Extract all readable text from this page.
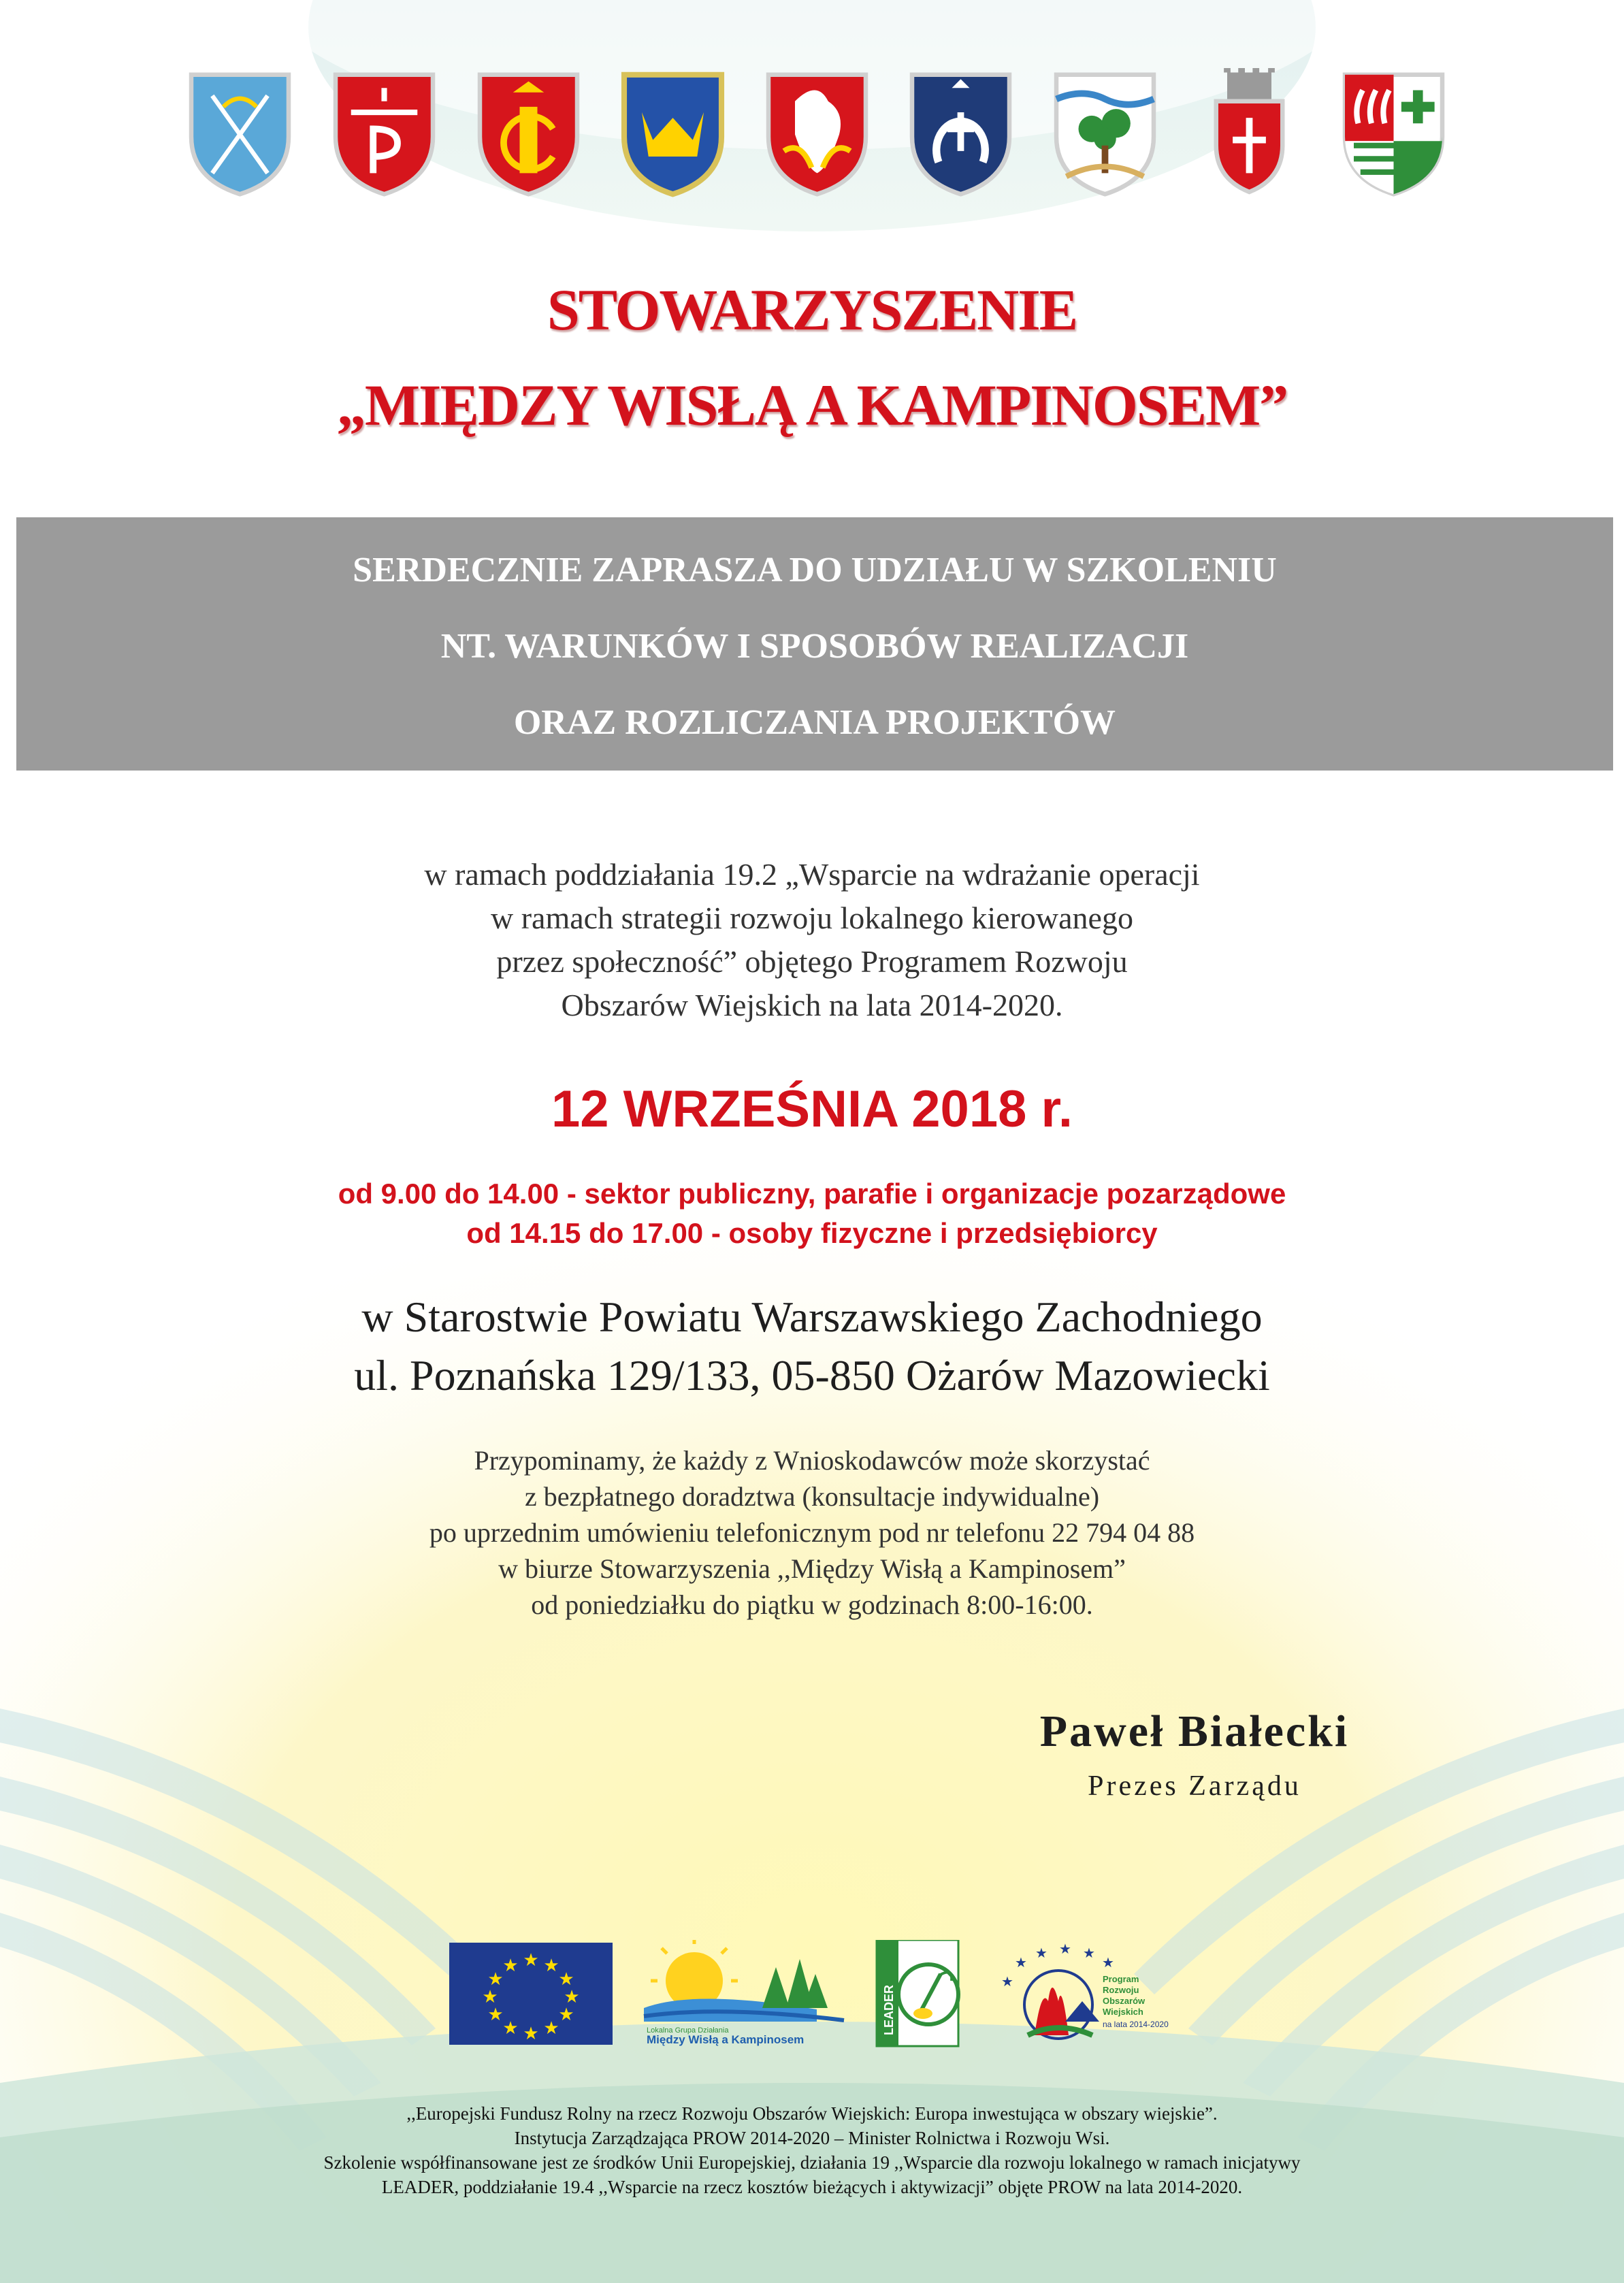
STOWARZYSZENIE
„MIĘDZY WISŁĄ A KAMPINOSEM”

SERDECZNIE ZAPRASZA DO UDZIAŁU W SZKOLENIU

NT. WARUNKÓW I SPOSOBÓW REALIZACJI

ORAZ ROZLICZANIA PROJEKTÓW

w ramach poddziałania 19.2 „Wsparcie na wdrażanie operacji

w ramach strategii rozwoju lokalnego kierowanego

przez społeczność” objętego Programem Rozwoju

Obszarów Wiejskich na lata 2014-2020.

12 WRZEŚNIA 2018 r.

od 9.00 do 14.00 - sektor publiczny, parafie i organizacje pozarządowe

od 14.15 do 17.00 - osoby fizyczne i przedsiębiorcy

w Starostwie Powiatu Warszawskiego Zachodniego

ul. Poznańska 129/133, 05-850 Ożarów Mazowiecki

Przypominamy, że każdy z Wnioskodawców może skorzystać

z bezpłatnego doradztwa (konsultacje indywidualne)

po uprzednim umówieniu telefonicznym pod nr telefonu 22 794 04 88

w biurze Stowarzyszenia ,,Między Wisłą a Kampinosem”

od poniedziałku do piątku w godzinach 8:00-16:00.

Paweł Białecki

Prezes Zarządu

★ ★
★
★
★
★
★
★
★
★
★
★
Lokalna Grupa Działania
Między Wisłą a Kampinosem
LEADER
★
★ ★ ★
★
★	Program
Rozwoju
Obszarów
Wiejskich
na lata 2014-2020

,,Europejski Fundusz Rolny na rzecz Rozwoju Obszarów Wiejskich: Europa inwestująca w obszary wiejskie”.

Instytucja Zarządzająca PROW 2014-2020 – Minister Rolnictwa i Rozwoju Wsi.

Szkolenie współfinansowane jest ze środków Unii Europejskiej, działania 19 ,,Wsparcie dla rozwoju lokalnego w ramach inicjatywy

LEADER, poddziałanie 19.4 ,,Wsparcie na rzecz kosztów bieżących i aktywizacji” objęte PROW na lata 2014-2020.
